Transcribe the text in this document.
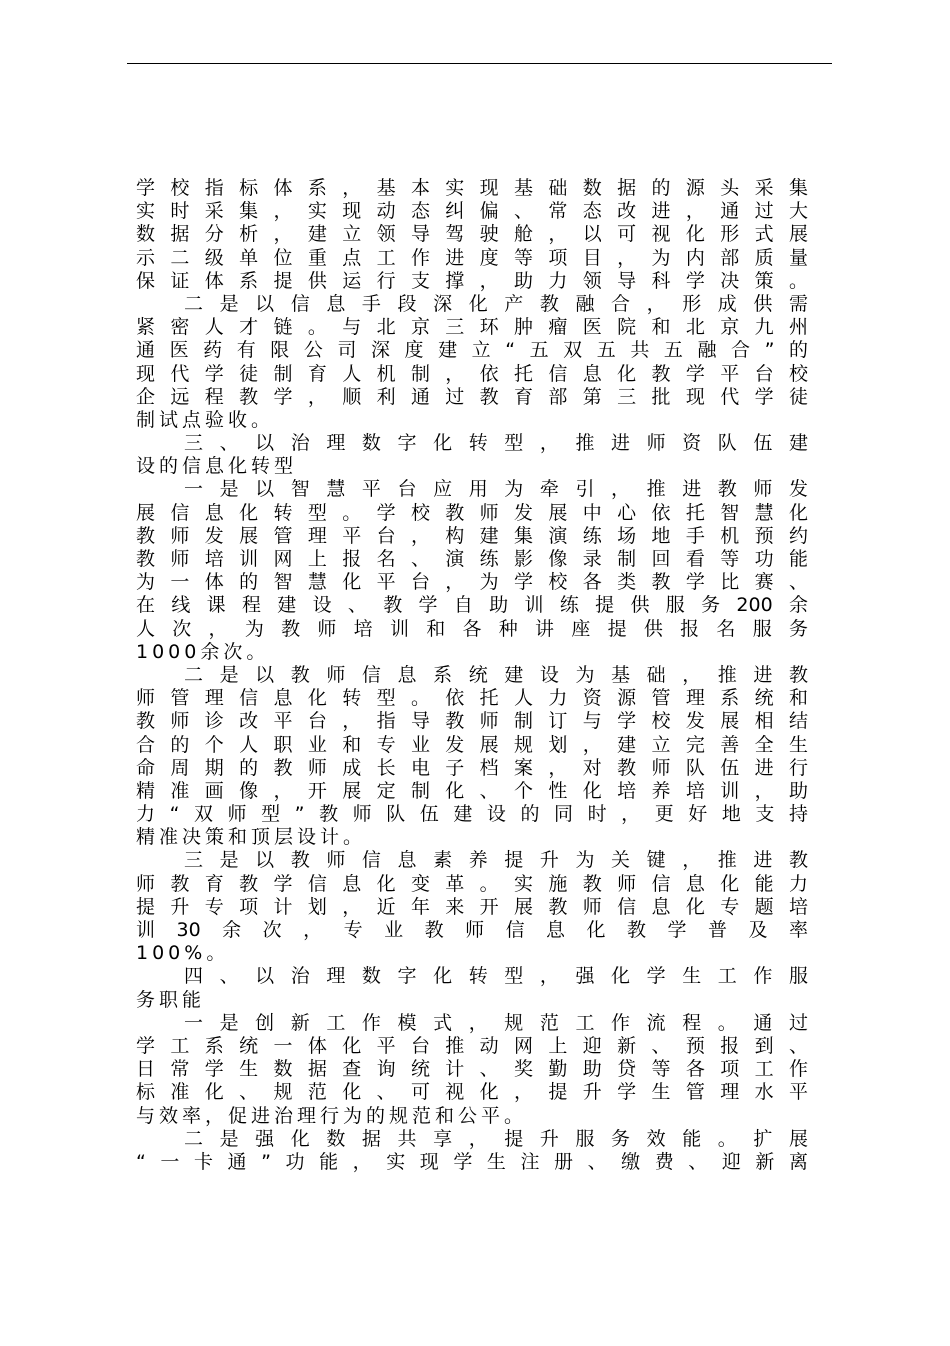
学校指标体系，基本实现基础数据的源头采集
实时采集，实现动态纠偏、常态改进，通过大
数据分析，建立领导驾驶舱，以可视化形式展
示二级单位重点工作进度等项目，为内部质量
保证体系提供运行支撑，助力领导科学决策。
二是以信息手段深化产教融合，形成供需
紧密人才链。与北京三环肿瘤医院和北京九州
通医药有限公司深度建立“五双五共五融合”的
现代学徒制育人机制，依托信息化教学平台校
企远程教学，顺利通过教育部第三批现代学徒
制试点验收。
三、以治理数字化转型，推进师资队伍建
设的信息化转型
一是以智慧平台应用为牵引，推进教师发
展信息化转型。学校教师发展中心依托智慧化
教师发展管理平台，构建集演练场地手机预约
教师培训网上报名、演练影像录制回看等功能
为一体的智慧化平台，为学校各类教学比赛、
在线课程建设、教学自助训练提供服务200余
人次，为教师培训和各种讲座提供报名服务
1000余次。
二是以教师信息系统建设为基础，推进教
师管理信息化转型。依托人力资源管理系统和
教师诊改平台，指导教师制订与学校发展相结
合的个人职业和专业发展规划，建立完善全生
命周期的教师成长电子档案，对教师队伍进行
精准画像，开展定制化、个性化培养培训，助
力“双师型”教师队伍建设的同时，更好地支持
精准决策和顶层设计。
三是以教师信息素养提升为关键，推进教
师教育教学信息化变革。实施教师信息化能力
提升专项计划，近年来开展教师信息化专题培
训30余次，专业教师信息化教学普及率
100%。
四、以治理数字化转型，强化学生工作服
务职能
一是创新工作模式，规范工作流程。通过
学工系统一体化平台推动网上迎新、预报到、
日常学生数据查询统计、奖勤助贷等各项工作
标准化、规范化、可视化，提升学生管理水平
与效率，促进治理行为的规范和公平。
二是强化数据共享，提升服务效能。扩展
“一卡通”功能，实现学生注册、缴费、迎新离
